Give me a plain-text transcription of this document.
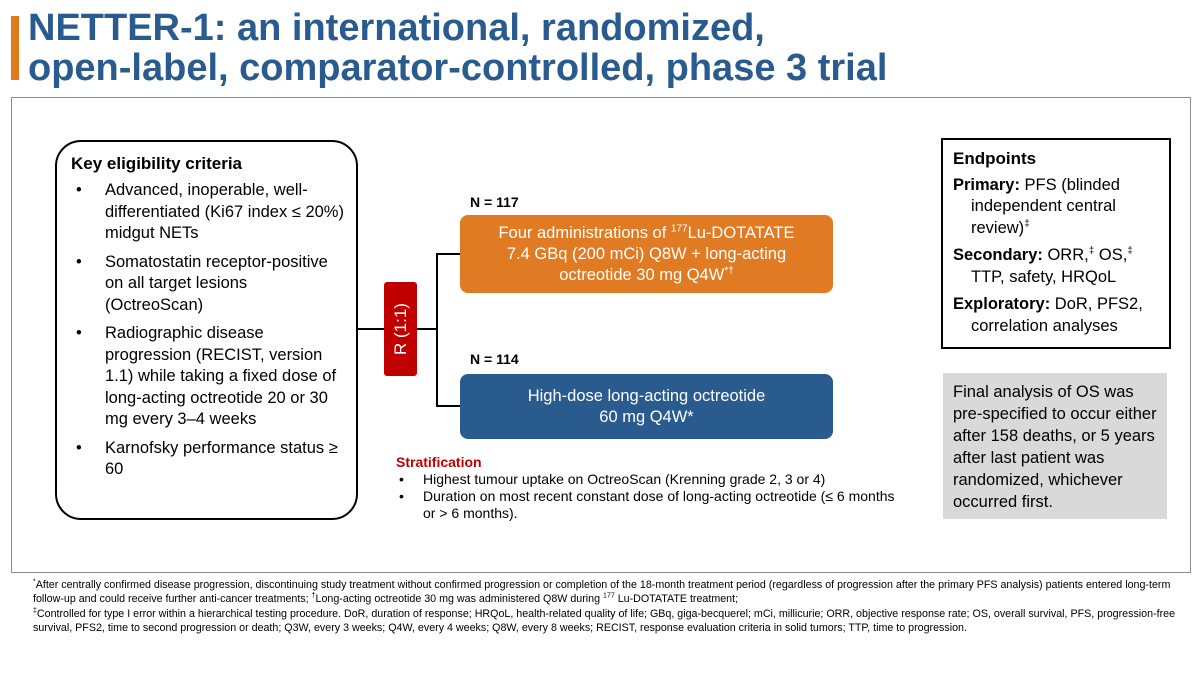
NETTER-1: an international, randomized,
open-label, comparator-controlled, phase 3 trial
Key eligibility criteria
• Advanced, inoperable, well-differentiated (Ki67 index ≤ 20%) midgut NETs
• Somatostatin receptor-positive on all target lesions (OctreoScan)
• Radiographic disease progression (RECIST, version 1.1) while taking a fixed dose of long-acting octreotide 20 or 30 mg every 3–4 weeks
• Karnofsky performance status ≥ 60
R (1:1)
N = 117
Four administrations of $^{177}$Lu-DOTATATE
7.4 GBq (200 mCi) Q8W + long-acting
octreotide 30 mg Q4W*†
N = 114
High-dose long-acting octreotide
60 mg Q4W*
Stratification
• Highest tumour uptake on OctreoScan (Krenning grade 2, 3 or 4)
• Duration on most recent constant dose of long-acting octreotide (≤ 6 months or > 6 months).
Endpoints
Primary: PFS (blinded independent central review)‡
Secondary: ORR,‡ OS,‡ TTP, safety, HRQoL
Exploratory: DoR, PFS2, correlation analyses
Final analysis of OS was pre-specified to occur either after 158 deaths, or 5 years after last patient was randomized, whichever occurred first.
*After centrally confirmed disease progression, discontinuing study treatment without confirmed progression or completion of the 18-month treatment period (regardless of progression after the primary PFS analysis) patients entered long-term follow-up and could receive further anti-cancer treatments; †Long-acting octreotide 30 mg was administered Q8W during $^{177}$ Lu-DOTATATE treatment;
‡Controlled for type I error within a hierarchical testing procedure. DoR, duration of response; HRQoL, health-related quality of life; GBq, giga-becquerel; mCi, millicurie; ORR, objective response rate; OS, overall survival, PFS, progression-free survival, PFS2, time to second progression or death; Q3W, every 3 weeks; Q4W, every 4 weeks; Q8W, every 8 weeks; RECIST, response evaluation criteria in solid tumors; TTP, time to progression.
